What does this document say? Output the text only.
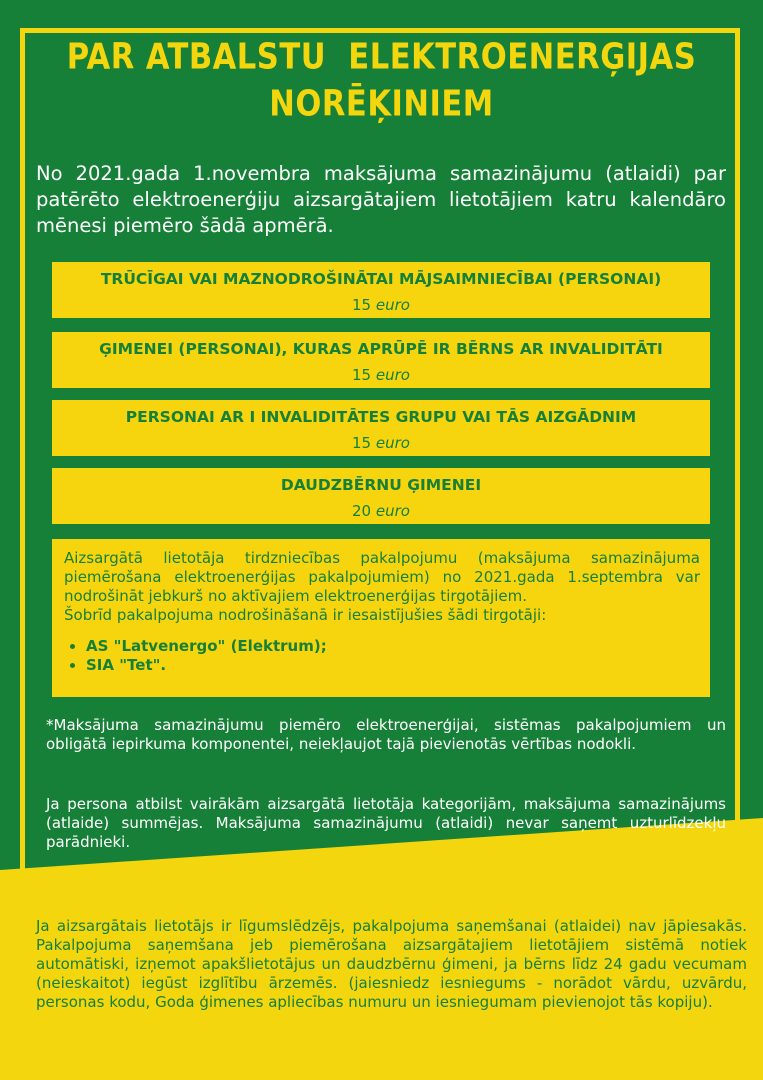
PAR ATBALSTU  ELEKTROENERĢIJAS
NORĒĶINIEM
No 2021.gada 1.novembra maksājuma samazinājumu (atlaidi) par patērēto elektroenerģiju aizsargātajiem lietotājiem katru kalendāro mēnesi piemēro šādā apmērā.
TRŪCĪGAI VAI MAZNODROŠINĀTAI MĀJSAIMNIECĪBAI (PERSONAI)
15 euro
ĢIMENEI (PERSONAI), KURAS APRŪPĒ IR BĒRNS AR INVALIDITĀTI
15 euro
PERSONAI AR I INVALIDITĀTES GRUPU VAI TĀS AIZGĀDNIM
15 euro
DAUDZBĒRNU ĢIMENEI
20 euro
Aizsargātā lietotāja tirdzniecības pakalpojumu (maksājuma samazinājuma piemērošana elektroenerģijas pakalpojumiem) no 2021.gada 1.septembra var nodrošināt jebkurš no aktīvajiem elektroenerģijas tirgotājiem.
Šobrīd pakalpojuma nodrošināšanā ir iesaistījušies šādi tirgotāji:
• AS "Latvenergo" (Elektrum);
• SIA "Tet".
*Maksājuma samazinājumu piemēro elektroenerģijai, sistēmas pakalpojumiem un obligātā iepirkuma komponentei, neiekļaujot tajā pievienotās vērtības nodokli.
Ja persona atbilst vairākām aizsargātā lietotāja kategorijām, maksājuma samazinājums (atlaide) summējas. Maksājuma samazinājumu (atlaidi) nevar saņemt uzturlīdzekļu parādnieki.
Ja aizsargātais lietotājs ir līgumslēdzējs, pakalpojuma saņemšanai (atlaidei) nav jāpiesakās. Pakalpojuma saņemšana jeb piemērošana aizsargātajiem lietotājiem sistēmā notiek automātiski, izņemot apakšlietotājus un daudzbērnu ģimeni, ja bērns līdz 24 gadu vecumam (neieskaitot) iegūst izglītību ārzemēs. (jaiesniedz iesniegums - norādot vārdu, uzvārdu, personas kodu, Goda ģimenes apliecības numuru un iesniegumam pievienojot tās kopiju).
